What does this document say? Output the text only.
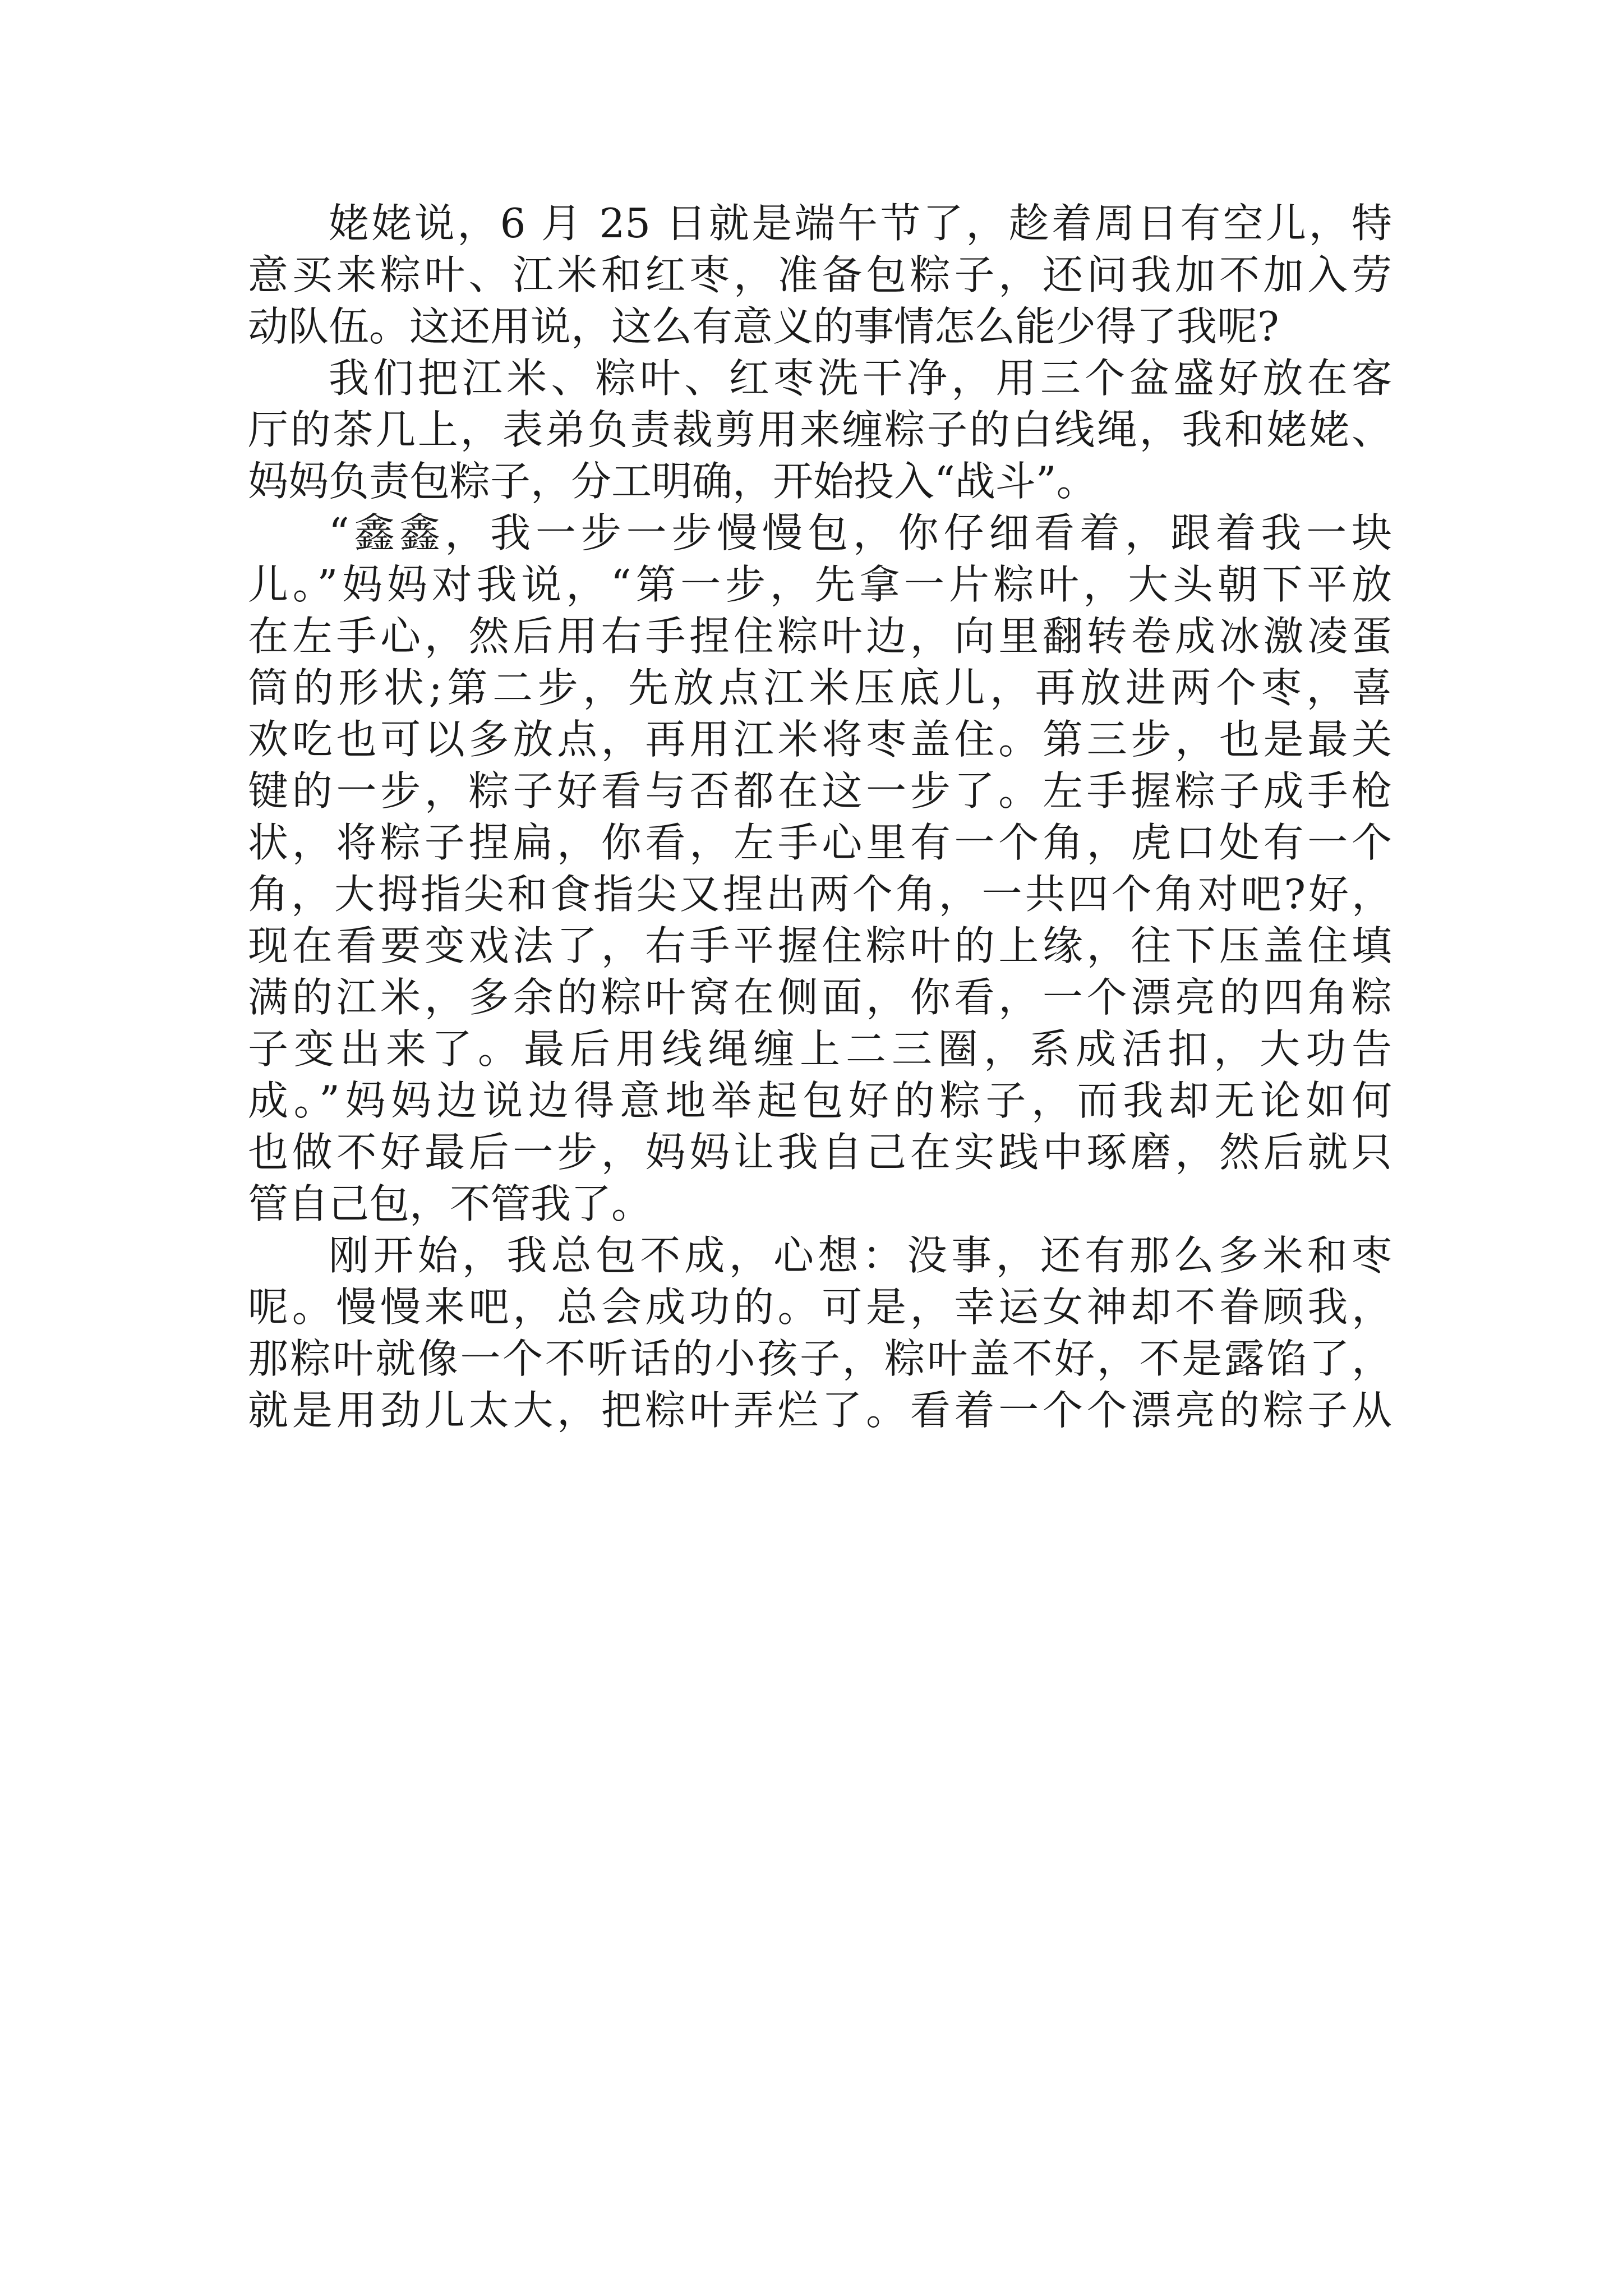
姥姥说，6 月 25 日就是端午节了，趁着周日有空儿，特
意买来粽叶、江米和红枣，准备包粽子，还问我加不加入劳
动队伍。这还用说，这么有意义的事情怎么能少得了我呢?
我们把江米、粽叶、红枣洗干净，用三个盆盛好放在客
厅的茶几上，表弟负责裁剪用来缠粽子的白线绳，我和姥姥、
妈妈负责包粽子，分工明确，开始投入“战斗”。
“鑫鑫，我一步一步慢慢包，你仔细看着，跟着我一块
儿。”妈妈对我说，“第一步，先拿一片粽叶，大头朝下平放
在左手心，然后用右手捏住粽叶边，向里翻转卷成冰激凌蛋
筒的形状;第二步，先放点江米压底儿，再放进两个枣，喜
欢吃也可以多放点，再用江米将枣盖住。第三步，也是最关
键的一步，粽子好看与否都在这一步了。左手握粽子成手枪
状，将粽子捏扁，你看，左手心里有一个角，虎口处有一个
角，大拇指尖和食指尖又捏出两个角，一共四个角对吧?好，
现在看要变戏法了，右手平握住粽叶的上缘，往下压盖住填
满的江米，多余的粽叶窝在侧面，你看，一个漂亮的四角粽
子变出来了。最后用线绳缠上二三圈，系成活扣，大功告
成。”妈妈边说边得意地举起包好的粽子，而我却无论如何
也做不好最后一步，妈妈让我自己在实践中琢磨，然后就只
管自己包，不管我了。
刚开始，我总包不成，心想：没事，还有那么多米和枣
呢。慢慢来吧，总会成功的。可是，幸运女神却不眷顾我，
那粽叶就像一个不听话的小孩子，粽叶盖不好，不是露馅了，
就是用劲儿太大，把粽叶弄烂了。看着一个个漂亮的粽子从
